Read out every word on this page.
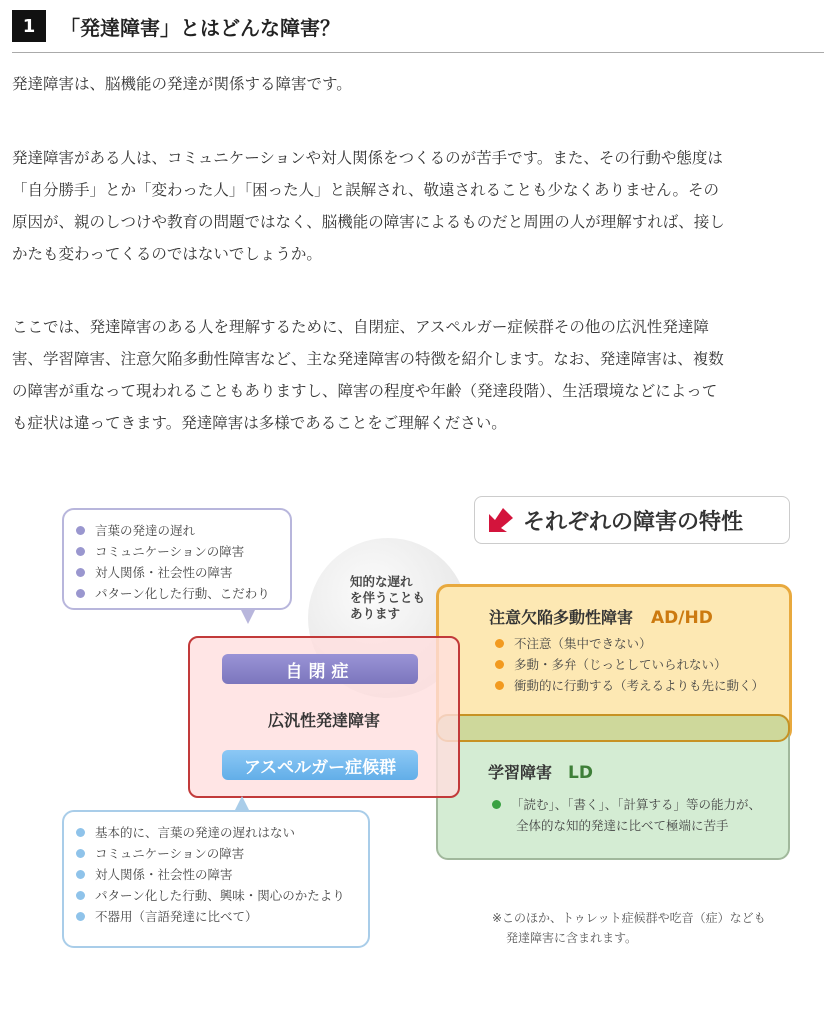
1	「発達障害」とはどんな障害？
発達障害は、脳機能の発達が関係する障害です。
発達障害がある人は、コミュニケーションや対人関係をつくるのが苦手です。また、その行動や態度は
「自分勝手」とか「変わった人」「困った人」と誤解され、敬遠されることも少なくありません。その
原因が、親のしつけや教育の問題ではなく、脳機能の障害によるものだと周囲の人が理解すれば、接し
かたも変わってくるのではないでしょうか。
ここでは、発達障害のある人を理解するために、自閉症、アスペルガー症候群その他の広汎性発達障
害、学習障害、注意欠陥多動性障害など、主な発達障害の特徴を紹介します。なお、発達障害は、複数
の障害が重なって現われることもありますし、障害の程度や年齢（発達段階）、生活環境などによって
も症状は違ってきます。発達障害は多様であることをご理解ください。
それぞれの障害の特性
言葉の発達の遅れ
コミュニケーションの障害
対人関係・社会性の障害
パターン化した行動、こだわり
注意欠陥多動性障害 AD/HD
不注意（集中できない）
多動・多弁（じっとしていられない）
衝動的に行動する（考えるよりも先に動く）
学習障害 LD
「読む」、「書く」、「計算する」等の能力が、
全体的な知的発達に比べて極端に苦手
自閉症
広汎性発達障害
アスペルガー症候群
知的な遅れ
を伴うことも
あります
基本的に、言葉の発達の遅れはない
コミュニケーションの障害
対人関係・社会性の障害
パターン化した行動、興味・関心のかたより
不器用（言語発達に比べて）	※このほか、トゥレット症候群や吃音（症）なども
発達障害に含まれます。
